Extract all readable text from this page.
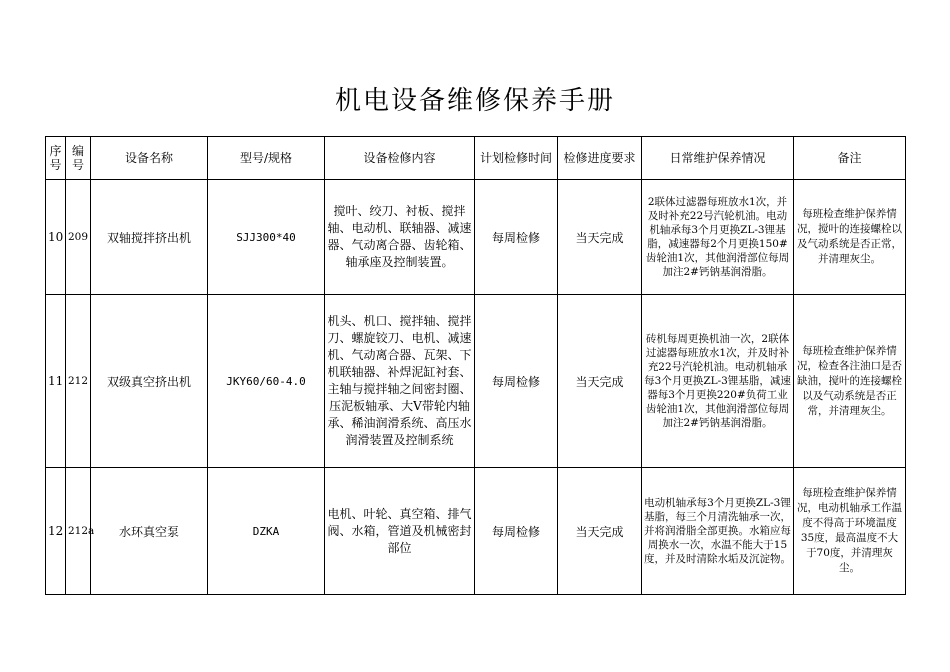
机电设备维修保养手册
序号	编号	设备名称	型号/规格	设备检修内容	计划检修时间	检修进度要求	日常维护保养情况	备注
10	209	双轴搅拌挤出机	SJJ300*40	搅叶、绞刀、衬板、搅拌轴、电动机、联轴器、减速器、气动离合器、齿轮箱、轴承座及控制装置。	每周检修	当天完成	2联体过滤器每班放水1次，并及时补充22号汽轮机油。电动机轴承每3个月更换ZL-3锂基脂，减速器每2个月更换150#齿轮油1次，其他润滑部位每周加注2#钙钠基润滑脂。	每班检查维护保养情况，搅叶的连接螺栓以及气动系统是否正常，并清理灰尘。
11	212	双级真空挤出机	JKY60/60-4.0	机头、机口、搅拌轴、搅拌刀、螺旋铰刀、电机、减速机、气动离合器、瓦架、下机联轴器、补焊泥缸衬套、主轴与搅拌轴之间密封圈、压泥板轴承、大V带轮内轴承、稀油润滑系统、高压水润滑装置及控制系统	每周检修	当天完成	砖机每周更换机油一次，2联体过滤器每班放水1次，并及时补充22号汽轮机油。电动机轴承每3个月更换ZL-3锂基脂，减速器每3个月更换220#负荷工业齿轮油1次，其他润滑部位每周加注2#钙钠基润滑脂。	每班检查维护保养情况，检查各注油口是否缺油，搅叶的连接螺栓以及气动系统是否正常，并清理灰尘。
12	212a	水环真空泵	DZKA	电机、叶轮、真空箱、排气阀、水箱，管道及机械密封部位	每周检修	当天完成	电动机轴承每3个月更换ZL-3锂基脂，每三个月清洗轴承一次，并将润滑脂全部更换。水箱应每周换水一次，水温不能大于15度，并及时清除水垢及沉淀物。	每班检查维护保养情况，电动机轴承工作温度不得高于环境温度35度，最高温度不大于70度，并清理灰尘。
